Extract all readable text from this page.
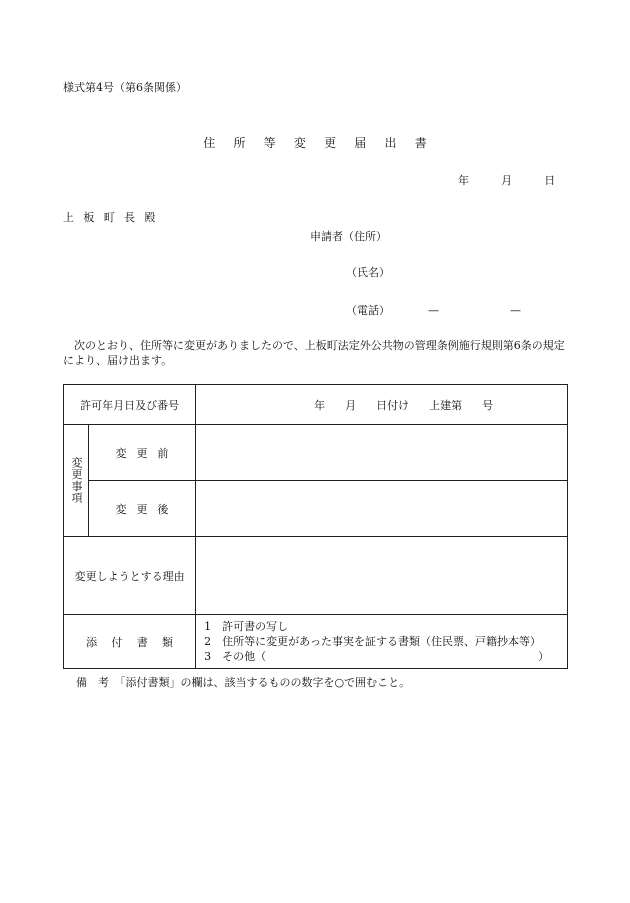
様式第4号（第6条関係）
住 所 等 変 更 届 出 書
年 月 日
上板町長殿
申請者（住所）
（氏名）
（電話）	—	—
次のとおり、住所等に変更がありましたので、上板町法定外公共物の管理条例施行規則第6条の規定により、届け出ます。
許可年月日及び番号		年 月 日付け 上建第 号

変更事項	変更前	
	変更後	
変更しようとする理由		
添付書類		1　許可書の写し
2　住所等に変更があった事実を証する書類（住民票、戸籍抄本等）
3　その他（ ）
備　考　「添付書類」の欄は、該当するものの数字を○で囲むこと。
